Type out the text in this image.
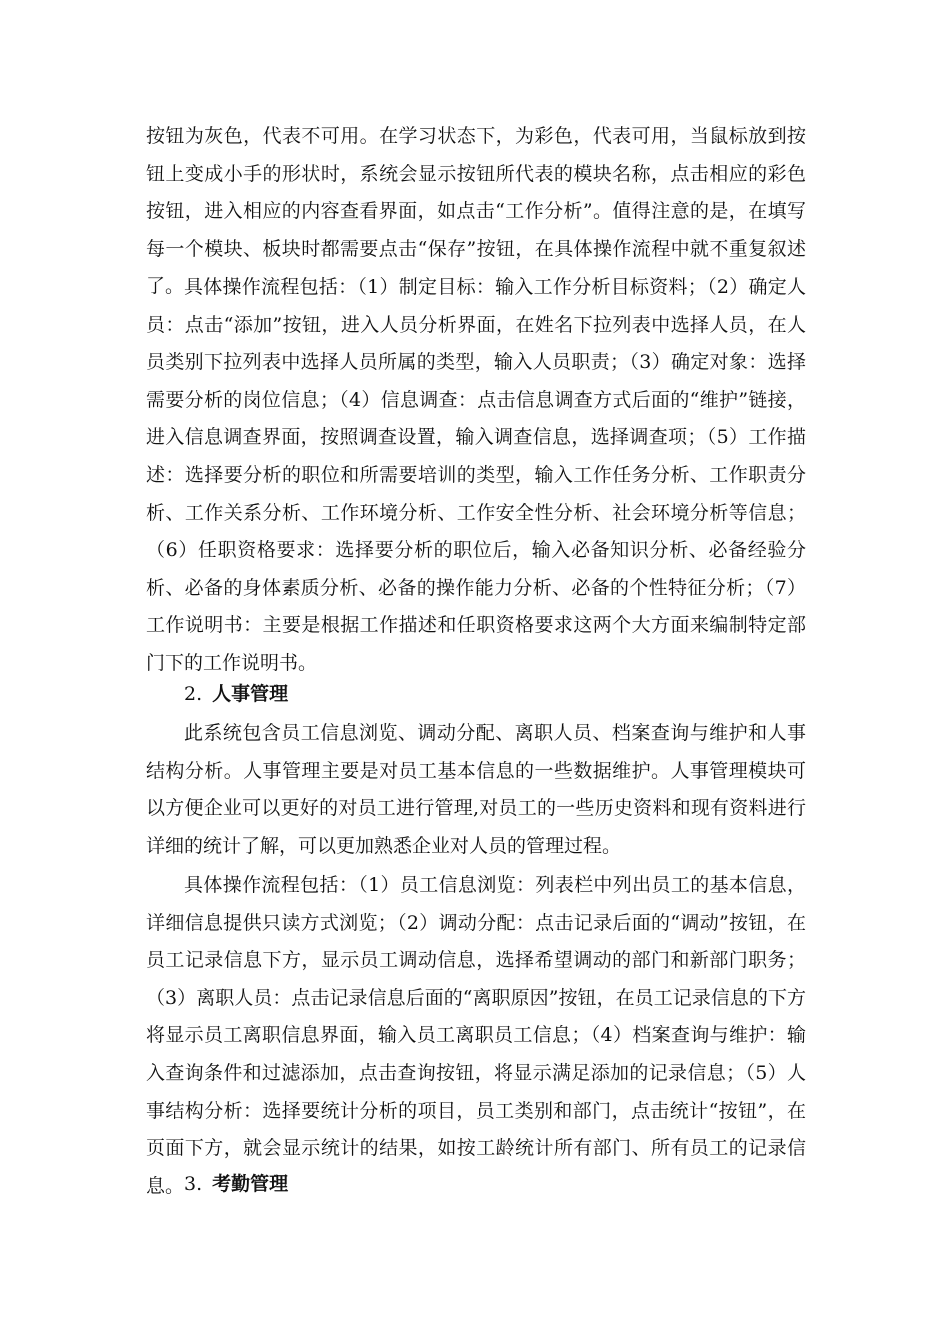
按钮为灰色，代表不可用。在学习状态下，为彩色，代表可用，当鼠标放到按钮上变成小手的形状时，系统会显示按钮所代表的模块名称，点击相应的彩色按钮，进入相应的内容查看界面，如点击“工作分析”。值得注意的是，在填写每一个模块、板块时都需要点击“保存”按钮，在具体操作流程中就不重复叙述了。 具体操作流程包括：（1）制定目标：输入工作分析目标资料；（2）确定人员：点击“添加”按钮，进入人员分析界面，在姓名下拉列表中选择人员，在人员类别下拉列表中选择人员所属的类型，输入人员职责；（3）确定对象：选择需要分析的岗位信息；（4）信息调查：点击信息调查方式后面的“维护”链接，进入信息调查界面，按照调查设置，输入调查信息，选择调查项；（5）工作描述：选择要分析的职位和所需要培训的类型，输入工作任务分析、工作职责分析、工作关系分析、工作环境分析、工作安全性分析、社会环境分析等信息；（6）任职资格要求：选择要分析的职位后，输入必备知识分析、必备经验分析、必备的身体素质分析、必备的操作能力分析、必备的个性特征分析；（7）工作说明书：主要是根据工作描述和任职资格要求这两个大方面来编制特定部门下的工作说明书。

2. 人事管理

此系统包含员工信息浏览、调动分配、离职人员、档案查询与维护和人事结构分析。人事管理主要是对员工基本信息的一些数据维护。人事管理模块可以方便企业可以更好的对员工进行管理,对员工的一些历史资料和现有资料进行详细的统计了解，可以更加熟悉企业对人员的管理过程。

具体操作流程包括：（1）员工信息浏览：列表栏中列出员工的基本信息，详细信息提供只读方式浏览；（2）调动分配：点击记录后面的“调动”按钮，在员工记录信息下方，显示员工调动信息，选择希望调动的部门和新部门职务；（3）离职人员：点击记录信息后面的“离职原因”按钮，在员工记录信息的下方将显示员工离职信息界面，输入员工离职员工信息；（4）档案查询与维护：输入查询条件和过滤添加，点击查询按钮，将显示满足添加的记录信息；（5）人事结构分析：选择要统计分析的项目，员工类别和部门，点击统计“按钮”，在页面下方，就会显示统计的结果，如按工龄统计所有部门、所有员工的记录信息。 3. 考勤管理
